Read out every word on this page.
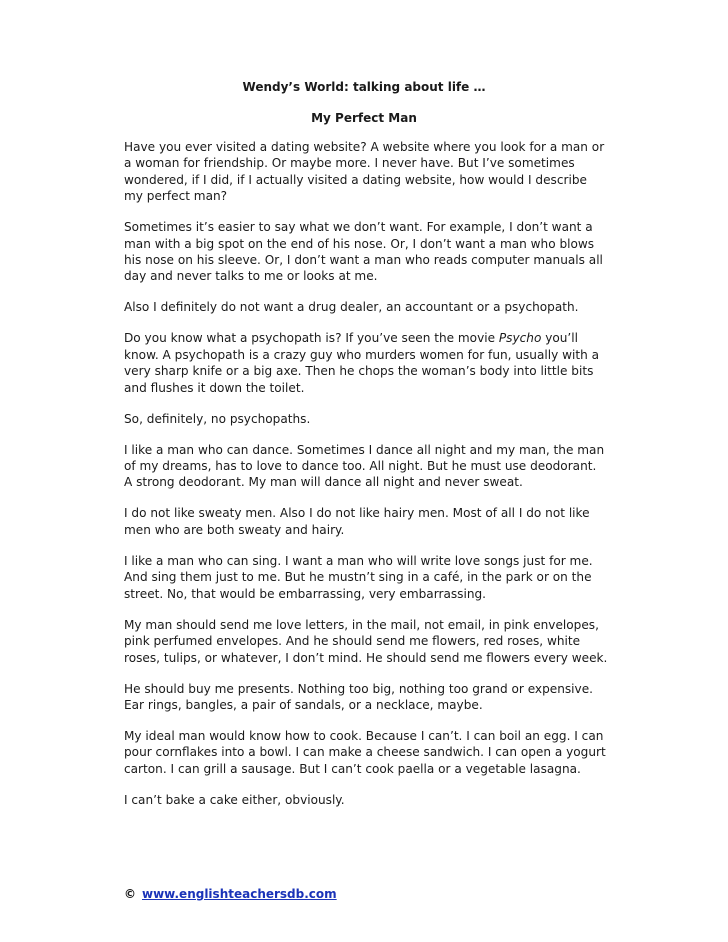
Wendy’s World: talking about life …
My Perfect Man

Have you ever visited a dating website? A website where you look for a man or a woman for friendship. Or maybe more. I never have. But I’ve sometimes wondered, if I did, if I actually visited a dating website, how would I describe my perfect man?

Sometimes it’s easier to say what we don’t want. For example, I don’t want a man with a big spot on the end of his nose. Or, I don’t want a man who blows his nose on his sleeve. Or, I don’t want a man who reads computer manuals all day and never talks to me or looks at me.

Also I definitely do not want a drug dealer, an accountant or a psychopath.

Do you know what a psychopath is? If you’ve seen the movie Psycho you’ll know. A psychopath is a crazy guy who murders women for fun, usually with a very sharp knife or a big axe. Then he chops the woman’s body into little bits and flushes it down the toilet.

So, definitely, no psychopaths.

I like a man who can dance. Sometimes I dance all night and my man, the man of my dreams, has to love to dance too. All night. But he must use deodorant. A strong deodorant. My man will dance all night and never sweat.

I do not like sweaty men. Also I do not like hairy men. Most of all I do not like men who are both sweaty and hairy.

I like a man who can sing. I want a man who will write love songs just for me. And sing them just to me. But he mustn’t sing in a café, in the park or on the street. No, that would be embarrassing, very embarrassing.

My man should send me love letters, in the mail, not email, in pink envelopes, pink perfumed envelopes. And he should send me flowers, red roses, white roses, tulips, or whatever, I don’t mind. He should send me flowers every week.

He should buy me presents. Nothing too big, nothing too grand or expensive. Ear rings, bangles, a pair of sandals, or a necklace, maybe.

My ideal man would know how to cook. Because I can’t. I can boil an egg. I can pour cornflakes into a bowl. I can make a cheese sandwich. I can open a yogurt carton. I can grill a sausage. But I can’t cook paella or a vegetable lasagna.

I can’t bake a cake either, obviously.

© www.englishteachersdb.com
